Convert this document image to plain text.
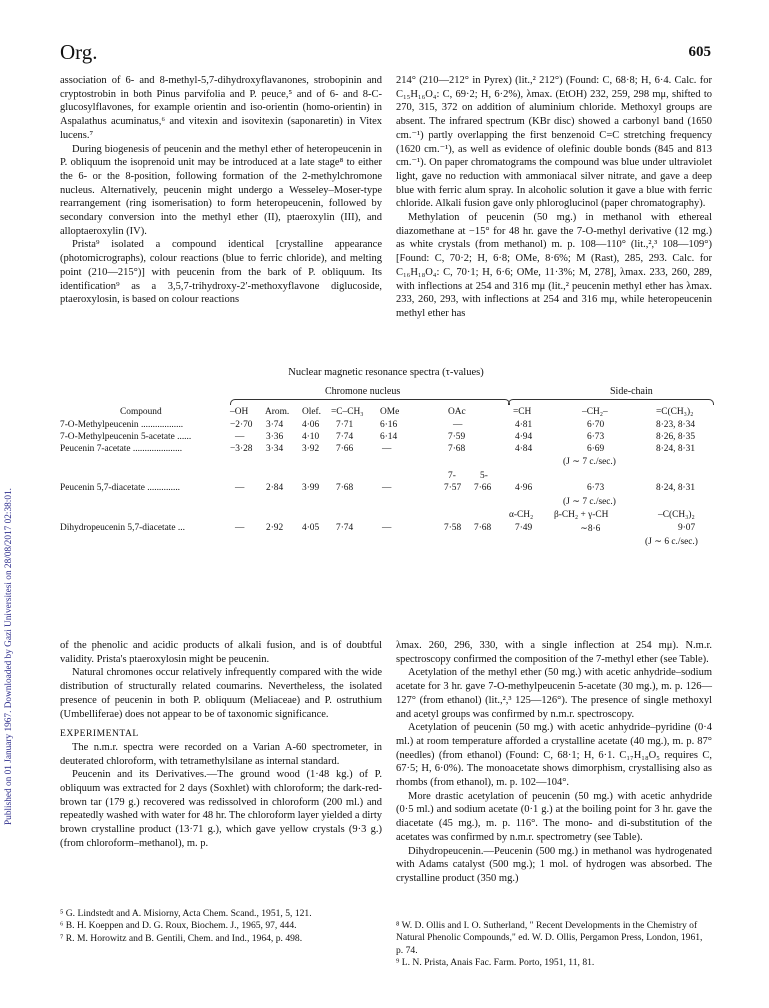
Published on 01 January 1967. Downloaded by Gazi Universitesi on 28/08/2017 02:38:01.
Org.	605

association of 6- and 8-methyl-5,7-dihydroxyflavanones, strobopinin and cryptostrobin in both Pinus parvifolia and P. peuce,⁵ and of 6- and 8-C-glucosylflavones, for example orientin and iso-orientin (homo-orientin) in Aspalathus acuminatus,⁶ and vitexin and isovitexin (saponaretin) in Vitex lucens.⁷

During biogenesis of peucenin and the methyl ether of heteropeucenin in P. obliquum the isoprenoid unit may be introduced at a late stage⁸ to either the 6- or the 8-position, following formation of the 2-methylchromone nucleus. Alternatively, peucenin might undergo a Wesseley–Moser-type rearrangement (ring isomerisation) to form heteropeucenin, followed by secondary conversion into the methyl ether (II), ptaeroxylin (III), and alloptaeroxylin (IV).

Prista⁹ isolated a compound identical [crystalline appearance (photomicrographs), colour reactions (blue to ferric chloride), and melting point (210—215°)] with peucenin from the bark of P. obliquum. Its identification⁹ as a 3,5,7-trihydroxy-2′-methoxyflavone diglucoside, ptaeroxylosin, is based on colour reactions

214° (210—212° in Pyrex) (lit.,² 212°) (Found: C, 68·8; H, 6·4. Calc. for C₁₅H₁₆O₄: C, 69·2; H, 6·2%), λmax. (EtOH) 232, 259, 298 mμ, shifted to 270, 315, 372 on addition of aluminium chloride. Methoxyl groups are absent. The infrared spectrum (KBr disc) showed a carbonyl band (1650 cm.⁻¹) partly overlapping the first benzenoid C=C stretching frequency (1620 cm.⁻¹), as well as evidence of olefinic double bonds (845 and 813 cm.⁻¹). On paper chromatograms the compound was blue under ultraviolet light, gave no reduction with ammoniacal silver nitrate, and gave a deep blue with ferric alum spray. In alcoholic solution it gave a blue with ferric chloride. Alkali fusion gave only phloroglucinol (paper chromatography).

Methylation of peucenin (50 mg.) in methanol with ethereal diazomethane at −15° for 48 hr. gave the 7-O-methyl derivative (12 mg.) as white crystals (from methanol) m. p. 108—110° (lit.,²,³ 108—109°) [Found: C, 70·2; H, 6·8; OMe, 8·6%; M (Rast), 285, 293. Calc. for C₁₆H₁₈O₄: C, 70·1; H, 6·6; OMe, 11·3%; M, 278], λmax. 233, 260, 289, with inflections at 254 and 316 mμ (lit.,² peucenin methyl ether has λmax. 233, 260, 293, with inflections at 254 and 316 mμ, while heteropeucenin methyl ether has

Nuclear magnetic resonance spectra (τ-values)
Chromone nucleus	Side-chain
Compound	–OH Arom. Olef. =C–CH₃ OMe	OAc	=CH	–CH₂–	=C(CH₃)₂
7-O-Methylpeucenin ..................	−2·70 3·74 4·06 7·71	6·16	—	4·81	6·70	8·23, 8·34
7-O-Methylpeucenin 5-acetate ......	— 3·36 4·10 7·74	6·14	7·59	4·94	6·73	8·26, 8·35
Peucenin 7-acetate .....................	−3·28 3·34 3·92 7·66	—	7·68	4·84	6·69	8·24, 8·31
(J ∼ 7 c./sec.)
7-	5-
Peucenin 5,7-diacetate ..............	— 2·84 3·99 7·68	—	7·57 7·66	4·96	6·73	8·24, 8·31
(J ∼ 7 c./sec.)
α-CH₂ β-CH₂ + γ-CH	–C(CH₃)₂
Dihydropeucenin 5,7-diacetate ...	— 2·92 4·05 7·74	—	7·58 7·68	7·49	∼8·6	9·07
(J ∼ 6 c./sec.)

of the phenolic and acidic products of alkali fusion, and is of doubtful validity. Prista's ptaeroxylosin might be peucenin.

Natural chromones occur relatively infrequently compared with the wide distribution of structurally related coumarins. Nevertheless, the isolated presence of peucenin in both P. obliquum (Meliaceae) and P. ostruthium (Umbelliferae) does not appear to be of taxonomic significance.

EXPERIMENTAL

The n.m.r. spectra were recorded on a Varian A-60 spectrometer, in deuterated chloroform, with tetramethylsilane as internal standard.

Peucenin and its Derivatives.—The ground wood (1·48 kg.) of P. obliquum was extracted for 2 days (Soxhlet) with chloroform; the dark-red-brown tar (179 g.) recovered was redissolved in chloroform (200 ml.) and repeatedly washed with water for 48 hr. The chloroform layer yielded a dirty brown crystalline product (13·71 g.), which gave yellow crystals (9·3 g.) (from chloroform–methanol), m. p.

λmax. 260, 296, 330, with a single inflection at 254 mμ). N.m.r. spectroscopy confirmed the composition of the 7-methyl ether (see Table).

Acetylation of the methyl ether (50 mg.) with acetic anhydride–sodium acetate for 3 hr. gave 7-O-methylpeucenin 5-acetate (30 mg.), m. p. 126—127° (from ethanol) (lit.,²,³ 125—126°). The presence of single methoxyl and acetyl groups was confirmed by n.m.r. spectroscopy.

Acetylation of peucenin (50 mg.) with acetic anhydride–pyridine (0·4 ml.) at room temperature afforded a crystalline acetate (40 mg.), m. p. 87° (needles) (from ethanol) (Found: C, 68·1; H, 6·1. C₁₇H₁₈O₅ requires C, 67·5; H, 6·0%). The monoacetate shows dimorphism, crystallising also as rhombs (from ethanol), m. p. 102—104°.

More drastic acetylation of peucenin (50 mg.) with acetic anhydride (0·5 ml.) and sodium acetate (0·1 g.) at the boiling point for 3 hr. gave the diacetate (45 mg.), m. p. 116°. The mono- and di-substitution of the acetates was confirmed by n.m.r. spectrometry (see Table).

Dihydropeucenin.—Peucenin (500 mg.) in methanol was hydrogenated with Adams catalyst (500 mg.); 1 mol. of hydrogen was absorbed. The crystalline product (350 mg.)

⁵ G. Lindstedt and A. Misiorny, Acta Chem. Scand., 1951, 5, 121.
⁶ B. H. Koeppen and D. G. Roux, Biochem. J., 1965, 97, 444.
⁷ R. M. Horowitz and B. Gentili, Chem. and Ind., 1964, p. 498.
⁸ W. D. Ollis and I. O. Sutherland, " Recent Developments in the Chemistry of Natural Phenolic Compounds," ed. W. D. Ollis, Pergamon Press, London, 1961, p. 74.
⁹ L. N. Prista, Anais Fac. Farm. Porto, 1951, 11, 81.
